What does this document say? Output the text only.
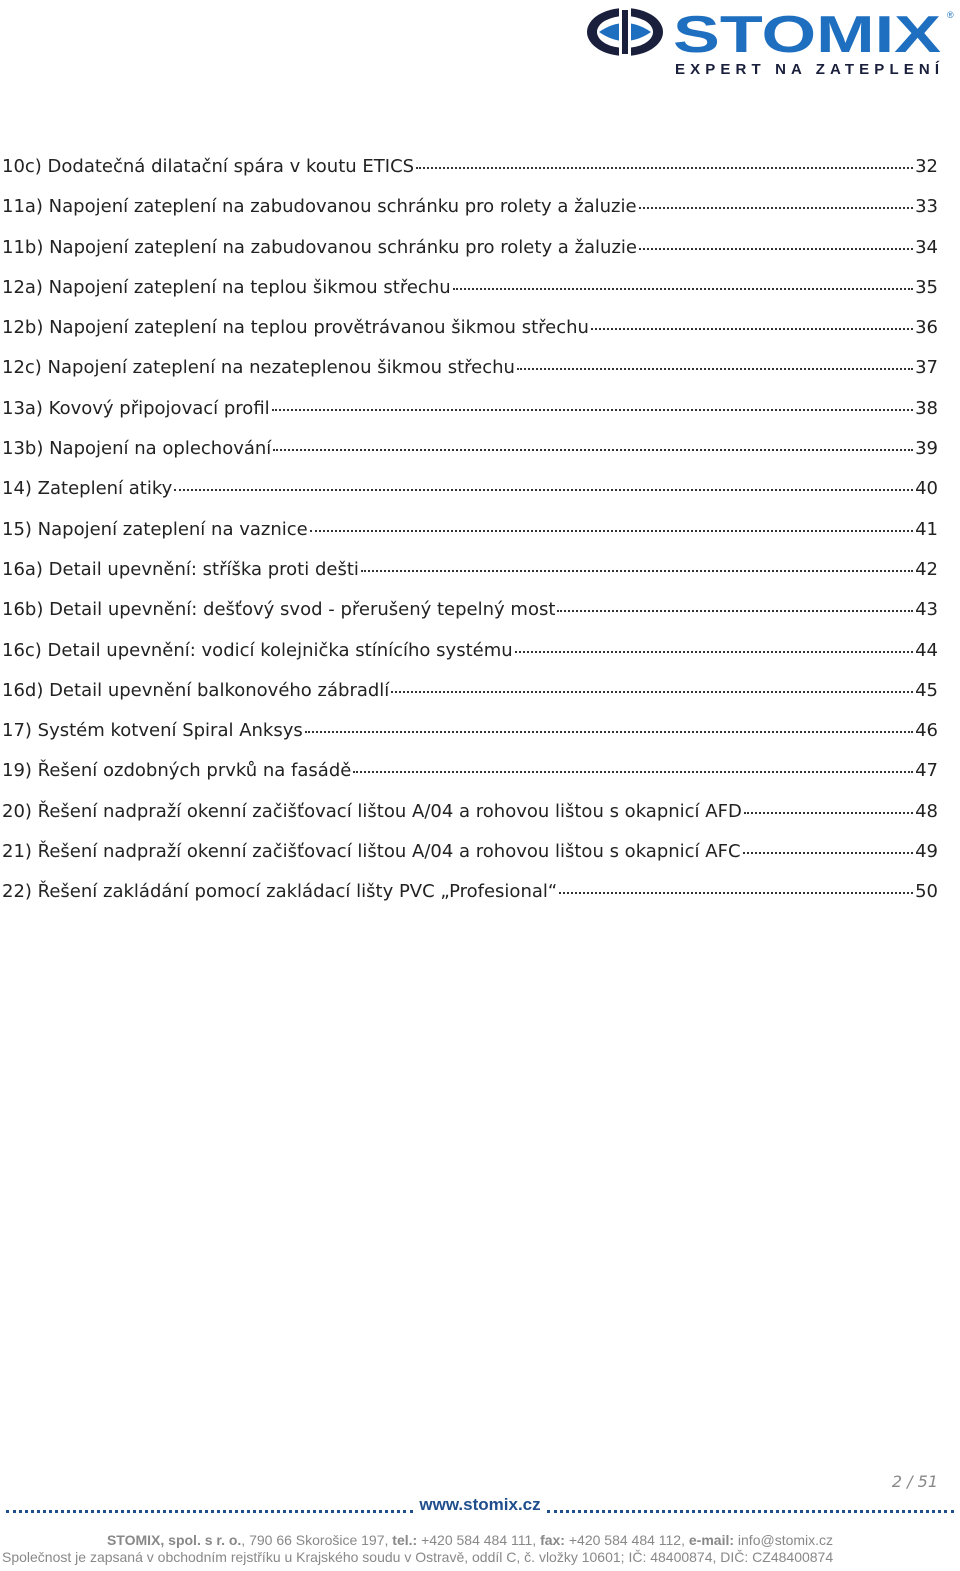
STOMIX ®
EXPERT NA ZATEPLENÍ
10c) Dodatečná dilatační spára v koutu ETICS	32
11a) Napojení zateplení na zabudovanou schránku pro rolety a žaluzie	33
11b) Napojení zateplení na zabudovanou schránku pro rolety a žaluzie	34
12a) Napojení zateplení na teplou šikmou střechu	35
12b) Napojení zateplení na teplou provětrávanou šikmou střechu	36
12c) Napojení zateplení na nezateplenou šikmou střechu	37
13a) Kovový připojovací profil	38
13b) Napojení na oplechování	39
14) Zateplení atiky	40
15) Napojení zateplení na vaznice	41
16a) Detail upevnění: stříška proti dešti	42
16b) Detail upevnění: dešťový svod - přerušený tepelný most	43
16c) Detail upevnění: vodicí kolejnička stínícího systému	44
16d) Detail upevnění balkonového zábradlí	45
17) Systém kotvení Spiral Anksys	46
19) Řešení ozdobných prvků na fasádě	47
20) Řešení nadpraží okenní začišťovací lištou A/04 a rohovou lištou s okapnicí AFD	48
21) Řešení nadpraží okenní začišťovací lištou A/04 a rohovou lištou s okapnicí AFC	49
22) Řešení zakládání pomocí zakládací lišty PVC „Profesional“	50
2 / 51
www.stomix.cz
STOMIX, spol. s r. o., 790 66 Skorošice 197, tel.: +420 584 484 111, fax: +420 584 484 112, e-mail: info@stomix.cz
Společnost je zapsaná v obchodním rejstříku u Krajského soudu v Ostravě, oddíl C, č. vložky 10601; IČ: 48400874, DIČ: CZ48400874
